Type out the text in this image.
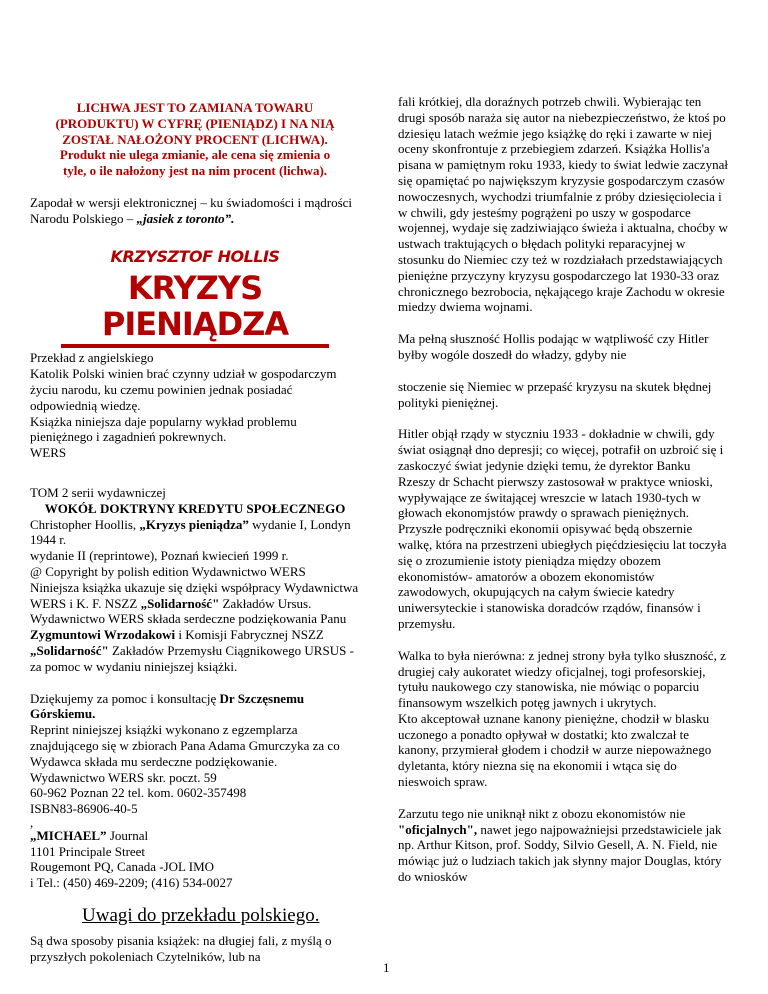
LICHWA JEST TO ZAMIANA TOWARU

(PRODUKTU) W CYFRĘ (PIENIĄDZ) I NA NIĄ

ZOSTAŁ NAŁOŻONY PROCENT (LICHWA).

Produkt nie ulega zmianie, ale cena się zmienia o

tyle, o ile nałożony jest na nim procent (lichwa).

Zapodał w wersji elektronicznej – ku świadomości i mądrości Narodu Polskiego – „jasiek z toronto”.

KRZYSZTOF HOLLIS
KRYZYS PIENIĄDZA

Przekład z angielskiego

Katolik Polski winien brać czynny udział w gospodarczym życiu narodu, ku czemu powinien jednak posiadać odpowiednią wiedzę.

Książka niniejsza daje popularny wykład problemu pieniężnego i zagadnień pokrewnych.

WERS

TOM 2 serii wydawniczej

WOKÓŁ DOKTRYNY KREDYTU SPOŁECZNEGO

Christopher Hoollis, „Kryzys pieniądza” wydanie I, Londyn 1944 r.

wydanie II (reprintowe), Poznań kwiecień 1999 r.

@ Copyright by polish edition Wydawnictwo WERS

Niniejsza książka ukazuje się dzięki współpracy Wydawnictwa WERS i K. F. NSZZ „Solidarność" Zakładów Ursus. Wydawnictwo WERS składa serdeczne podziękowania Panu Zygmuntowi Wrzodakowi i Komisji Fabrycznej NSZZ „Solidarność" Zakładów Przemysłu Ciągnikowego URSUS - za pomoc w wydaniu niniejszej książki.

Dziękujemy za pomoc i konsultację Dr Szczęsnemu Górskiemu.

Reprint niniejszej książki wykonano z egzemplarza znajdującego się w zbiorach Pana Adama Gmurczyka za co Wydawca składa mu serdeczne podziękowanie.

Wydawnictwo WERS skr. poczt. 59

60-962 Poznan 22 tel. kom. 0602-357498

ISBN83-86906-40-5

,

„MICHAEL” Journal

1101 Principale Street

Rougemont PQ, Canada -JOL IMO

i Tel.: (450) 469-2209; (416) 534-0027

Uwagi do przekładu polskiego.

Są dwa sposoby pisania książek: na długiej fali, z myślą o przyszłych pokoleniach Czytelników, lub na

fali krótkiej, dla doraźnych potrzeb chwili. Wybierając ten drugi sposób naraża się autor na niebezpieczeństwo, że ktoś po dziesięu latach weźmie jego książkę do ręki i zawarte w niej oceny skonfrontuje z przebiegiem zdarzeń. Książka Hollis'a pisana w pamiętnym roku 1933, kiedy to świat ledwie zaczynał się opamiętać po największym kryzysie gospodarczym czasów nowoczesnych, wychodzi triumfalnie z próby dziesięciolecia i w chwili, gdy jesteśmy pogrążeni po uszy w gospodarce wojennej, wydaje się zadziwiająco świeża i aktualna, choćby w ustwach traktujących o błędach polityki reparacyjnej w stosunku do Niemiec czy też w rozdziałach przedstawiających pieniężne przyczyny kryzysu gospodarczego lat 1930-33 oraz chronicznego bezrobocia, nękającego kraje Zachodu w okresie miedzy dwiema wojnami.

Ma pełną słuszność Hollis podając w wątpliwość czy Hitler byłby wogóle doszedł do władzy, gdyby nie

stoczenie się Niemiec w przepaść kryzysu na skutek błędnej polityki pieniężnej.

Hitler objął rządy w styczniu 1933 - dokładnie w chwili, gdy świat osiągnął dno depresji; co więcej, potrafił on uzbroić się i zaskoczyć świat jedynie dzięki temu, że dyrektor Banku Rzeszy dr Schacht pierwszy zastosował w praktyce wnioski, wypływające ze świtającej wreszcie w latach 1930-tych w głowach ekonomjstów prawdy o sprawach pieniężnych. Przyszłe podręczniki ekonomii opisywać będą obszernie walkę, która na przestrzeni ubiegłych pięćdziesięciu lat toczyła się o zrozumienie istoty pieniądza między obozem ekonomistów- amatorów a obozem ekonomistów zawodowych, okupujących na całym świecie katedry uniwersyteckie i stanowiska doradców rządów, finansów i przemysłu.

Walka to była nierówna: z jednej strony była tylko słuszność, z drugiej cały aukoratet wiedzy oficjalnej, togi profesorskiej, tytułu naukowego czy stanowiska, nie mówiąc o poparciu finansowym wszelkich potęg jawnych i ukrytych.

Kto akceptował uznane kanony pieniężne, chodził w blasku uczonego a ponadto opływał w dostatki; kto zwalczał te kanony, przymierał głodem i chodził w aurze niepoważnego dyletanta, który niezna się na ekonomii i wtąca się do nieswoich spraw.

Zarzutu tego nie uniknął nikt z obozu ekonomistów nie "oficjalnych", nawet jego najpoważniejsi przedstawiciele jak np. Arthur Kitson, prof. Soddy, Silvio Gesell, A. N. Field, nie mówiąc już o ludziach takich jak słynny major Douglas, który do wniosków

1
